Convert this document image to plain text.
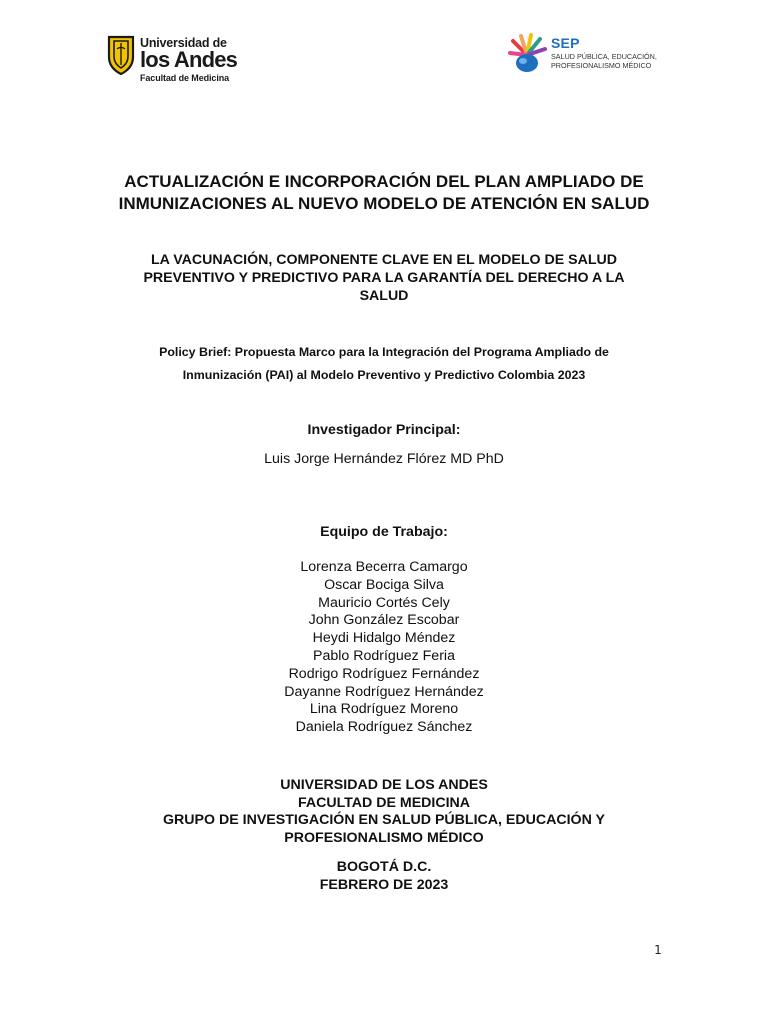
Universidad de
los Andes
Facultad de Medicina
SEP
SALUD PÚBLICA, EDUCACIÓN,
PROFESIONALISMO MÉDICO
ACTUALIZACIÓN E INCORPORACIÓN DEL PLAN AMPLIADO DE
INMUNIZACIONES AL NUEVO MODELO DE ATENCIÓN EN SALUD
LA VACUNACIÓN, COMPONENTE CLAVE EN EL MODELO DE SALUD
PREVENTIVO Y PREDICTIVO PARA LA GARANTÍA DEL DERECHO A LA
SALUD
Policy Brief: Propuesta Marco para la Integración del Programa Ampliado de
Inmunización (PAI) al Modelo Preventivo y Predictivo Colombia 2023
Investigador Principal:
Luis Jorge Hernández Flórez MD PhD
Equipo de Trabajo:
Lorenza Becerra Camargo
Oscar Bociga Silva
Mauricio Cortés Cely
John González Escobar
Heydi Hidalgo Méndez
Pablo Rodríguez Feria
Rodrigo Rodríguez Fernández
Dayanne Rodríguez Hernández
Lina Rodríguez Moreno
Daniela Rodríguez Sánchez
UNIVERSIDAD DE LOS ANDES
FACULTAD DE MEDICINA
GRUPO DE INVESTIGACIÓN EN SALUD PÚBLICA, EDUCACIÓN Y
PROFESIONALISMO MÉDICO
BOGOTÁ D.C.
FEBRERO DE 2023
1
